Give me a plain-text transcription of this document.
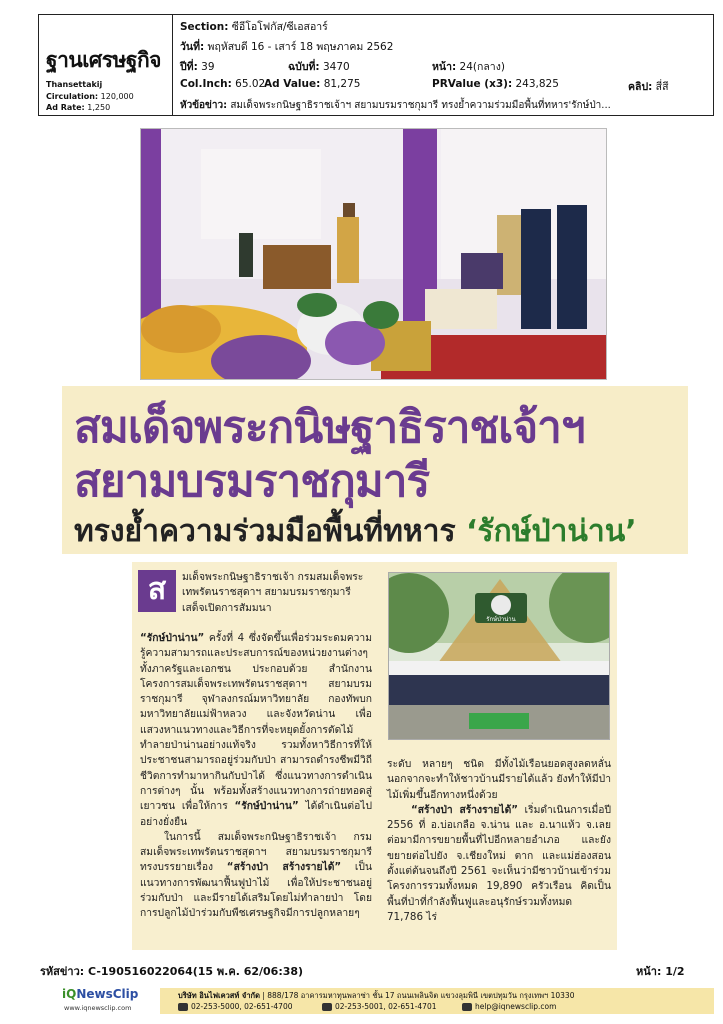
ฐานเศรษฐกิจ
Thansettakij
Circulation: 120,000
Ad Rate: 1,250
Section: ซีอีโอโฟกัส/ซีเอสอาร์
วันที่: พฤหัสบดี 16 - เสาร์ 18 พฤษภาคม 2562
ปีที่: 39	ฉบับที่: 3470	หน้า: 24(กลาง)
Col.Inch: 65.02
Ad Value: 81,275	PRValue (x3): 243,825	คลิป: สี่สี
หัวข้อข่าว: สมเด็จพระกนิษฐาธิราชเจ้าฯ สยามบรมราชกุมารี ทรงย้ำความร่วมมือพื้นที่ทหาร'รักษ์ป่า...
สมเด็จพระกนิษฐาธิราชเจ้าฯ
สยามบรมราชกุมารี
ทรงย้ำความร่วมมือพื้นที่ทหาร ‘รักษ์ป่าน่าน’
ส	มเด็จพระกนิษฐาธิราชเจ้า กรมสมเด็จพระเทพรัตนราชสุดาฯ สยามบรมราชกุมารี เสด็จเปิดการสัมมนา
“รักษ์ป่าน่าน” ครั้งที่ 4 ซึ่งจัดขึ้นเพื่อร่วมระดมความรู้ความสามารถและประสบการณ์ของหน่วยงานต่างๆ ทั้งภาครัฐและเอกชน ประกอบด้วย สำนักงานโครงการสมเด็จพระเทพรัตนราชสุดาฯ สยามบรมราชกุมารี จุฬาลงกรณ์มหาวิทยาลัย กองทัพบก มหาวิทยาลัยแม่ฟ้าหลวง และจังหวัดน่าน เพื่อแสวงหาแนวทางและวิธีการที่จะหยุดยั้งการตัดไม้ทำลายป่าน่านอย่างแท้จริง รวมทั้งหาวิธีการที่ให้ประชาชนสามารถอยู่ร่วมกับป่า สามารถดำรงชีพมีวิถีชีวิตการทำมาหากินกับป่าได้ ซึ่งแนวทางการดำเนินการต่างๆ นั้น พร้อมทั้งสร้างแนวทางการถ่ายทอดสู่เยาวชน เพื่อให้การ “รักษ์ป่าน่าน” ได้ดำเนินต่อไปอย่างยั่งยืน
ในการนี้ สมเด็จพระกนิษฐาธิราชเจ้า กรมสมเด็จพระเทพรัตนราชสุดาฯ สยามบรมราชกุมารี ทรงบรรยายเรื่อง “สร้างป่า สร้างรายได้” เป็นแนวทางการพัฒนาฟื้นฟูป่าไม้ เพื่อให้ประชาชนอยู่ร่วมกับป่า และมีรายได้เสริมโดยไม่ทำลายป่า โดยการปลูกไม้ป่าร่วมกับพืชเศรษฐกิจมีการปลูกหลายๆ
รักษ์ป่าน่าน
ระดับ หลายๆ ชนิด มีทั้งไม้เรือนยอดสูงลดหลั่นนอกจากจะทำให้ชาวบ้านมีรายได้แล้ว ยังทำให้มีป่าไม้เพิ่มขึ้นอีกทางหนึ่งด้วย
“สร้างป่า สร้างรายได้” เริ่มดำเนินการเมื่อปี 2556 ที่ อ.บ่อเกลือ จ.น่าน และ อ.นาแห้ว จ.เลย ต่อมามีการขยายพื้นที่ไปอีกหลายอำเภอ และยังขยายต่อไปยัง จ.เชียงใหม่ ตาก และแม่ฮ่องสอน ตั้งแต่ต้นจนถึงปี 2561 จะเห็นว่ามีชาวบ้านเข้าร่วมโครงการรวมทั้งหมด 19,890 ครัวเรือน คิดเป็นพื้นที่ป่าที่กำลังฟื้นฟูและอนุรักษ์รวมทั้งหมด 71,786 ไร่
รหัสข่าว: C-190516022064(15 พ.ค. 62/06:38)	หน้า: 1/2
iQNewsClip
www.iqnewsclip.com
บริษัท อินไฟเควสท์ จำกัด | 888/178 อาคารมหาทุนพลาซ่า ชั้น 17 ถนนเพลินจิต แขวงลุมพินี เขตปทุมวัน กรุงเทพฯ 10330
02-253-5000, 02-651-4700	02-253-5001, 02-651-4701	help@iqnewsclip.com
